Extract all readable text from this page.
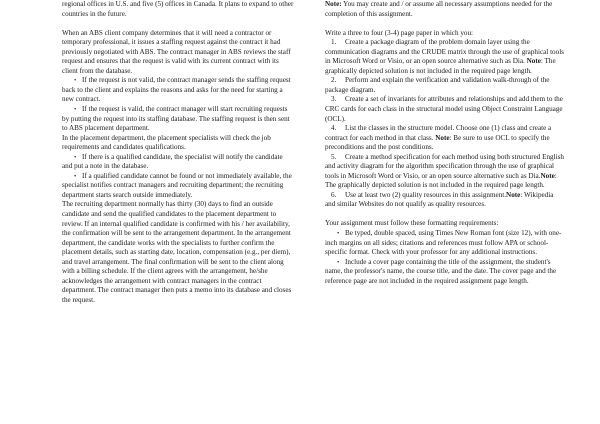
regional offices in U.S. and five (5) offices in Canada. It plans to expand to other countries in the future.

When an ABS client company determines that it will need a contractor or temporary professional, it issues a staffing request against the contract it had previously negotiated with ABS. The contract manager in ABS reviews the staff request and ensures that the request is valid with its current contract with its client from the database.

• If the request is not valid, the contract manager sends the staffing request back to the client and explains the reasons and asks for the need for starting a new contract.

• If the request is valid, the contract manager will start recruiting requests by putting the request into its staffing database. The staffing request is then sent to ABS placement department.

In the placement department, the placement specialists will check the job requirements and candidates qualifications.

• If there is a qualified candidate, the specialist will notify the candidate and put a note in the database.

• If a qualified candidate cannot be found or not immediately available, the specialist notifies contract managers and recruiting department; the recruiting department starts search outside immediately.

The recruiting department normally has thirty (30) days to find an outside candidate and send the qualified candidates to the placement department to review. If an internal qualified candidate is confirmed with his / her availability, the confirmation will be sent to the arrangement department. In the arrangement department, the candidate works with the specialists to further confirm the placement details, such as starting date, location, compensation (e.g., per diem), and travel arrangement. The final confirmation will be sent to the client along with a billing schedule. If the client agrees with the arrangement, he/she acknowledges the arrangement with contract managers in the contract department. The contract manager then puts a memo into its database and closes the request.

Note: You may create and / or assume all necessary assumptions needed for the completion of this assignment.

Write a three to four (3-4) page paper in which you:

1. Create a package diagram of the problem domain layer using the communication diagrams and the CRUDE matrix through the use of graphical tools in Microsoft Word or Visio, or an open source alternative such as Dia. Note: The graphically depicted solution is not included in the required page length.

2. Perform and explain the verification and validation walk-through of the package diagram.

3. Create a set of invariants for attributes and relationships and add them to the CRC cards for each class in the structural model using Object Constraint Language (OCL).

4. List the classes in the structure model. Choose one (1) class and create a contract for each method in that class. Note: Be sure to use OCL to specify the preconditions and the post conditions.

5. Create a method specification for each method using both structured English and activity diagram for the algorithm specification through the use of graphical tools in Microsoft Word or Visio, or an open source alternative such as Dia.Note: The graphically depicted solution is not included in the required page length.

6. Use at least two (2) quality resources in this assignment.Note: Wikipedia and similar Websites do not qualify as quality resources.

Your assignment must follow these formatting requirements:

• Be typed, double spaced, using Times New Roman font (size 12), with one-inch margins on all sides; citations and references must follow APA or school-specific format. Check with your professor for any additional instructions.

• Include a cover page containing the title of the assignment, the student's name, the professor's name, the course title, and the date. The cover page and the reference page are not included in the required assignment page length.
